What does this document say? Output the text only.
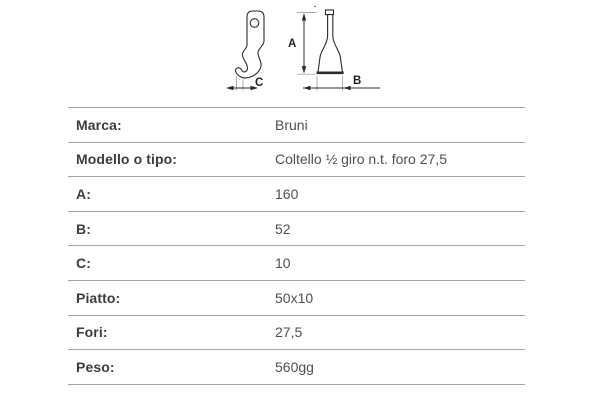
C
A
B
Marca:	Bruni
Modello o tipo:	Coltello ½ giro n.t. foro 27,5
A:	160
B:	52
C:	10
Piatto:	50x10
Fori:	27,5
Peso:	560gg
